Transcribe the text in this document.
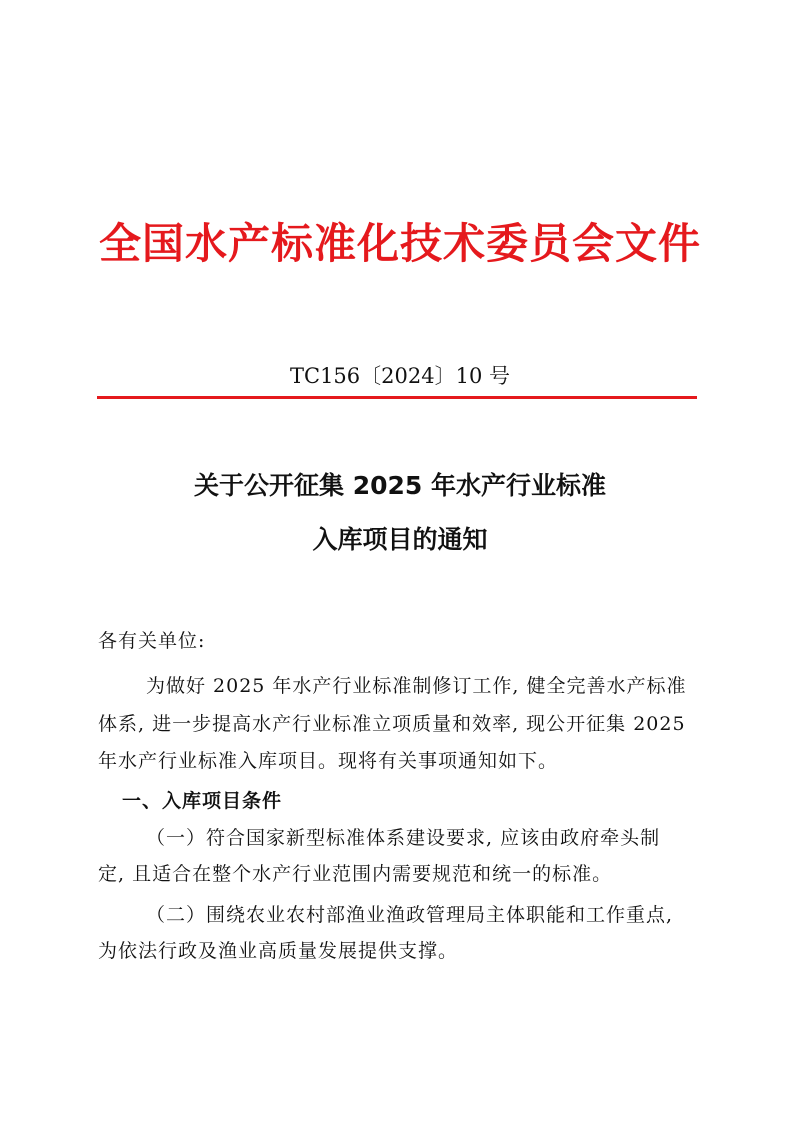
全国水产标准化技术委员会文件
TC156〔2024〕10 号
关于公开征集 2025 年水产行业标准
入库项目的通知
各有关单位:
为做好 2025 年水产行业标准制修订工作, 健全完善水产标准
体系, 进一步提高水产行业标准立项质量和效率, 现公开征集 2025
年水产行业标准入库项目。现将有关事项通知如下。
一、入库项目条件
（一）符合国家新型标准体系建设要求, 应该由政府牵头制
定, 且适合在整个水产行业范围内需要规范和统一的标准。
（二）围绕农业农村部渔业渔政管理局主体职能和工作重点,
为依法行政及渔业高质量发展提供支撑。
